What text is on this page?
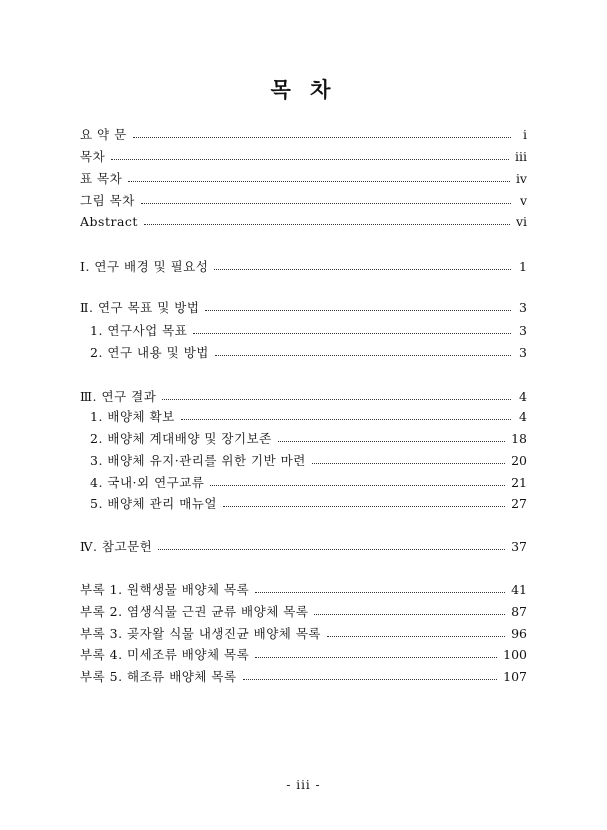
목 차
요 약 문	i
목차	iii
표 목차	iv
그림 목차	v
Abstract	vi
Ⅰ. 연구 배경 및 필요성	1
Ⅱ. 연구 목표 및 방법	3
1. 연구사업 목표	3
2. 연구 내용 및 방법	3
Ⅲ. 연구 결과	4
1. 배양체 확보	4
2. 배양체 계대배양 및 장기보존	18
3. 배양체 유지·관리를 위한 기반 마련	20
4. 국내·외 연구교류	21
5. 배양체 관리 매뉴얼	27
Ⅳ. 참고문헌	37
부록 1. 원핵생물 배양체 목록	41
부록 2. 염생식물 근권 균류 배양체 목록	87
부록 3. 곶자왈 식물 내생진균 배양체 목록	96
부록 4. 미세조류 배양체 목록	100
부록 5. 해조류 배양체 목록	107
- iii -
